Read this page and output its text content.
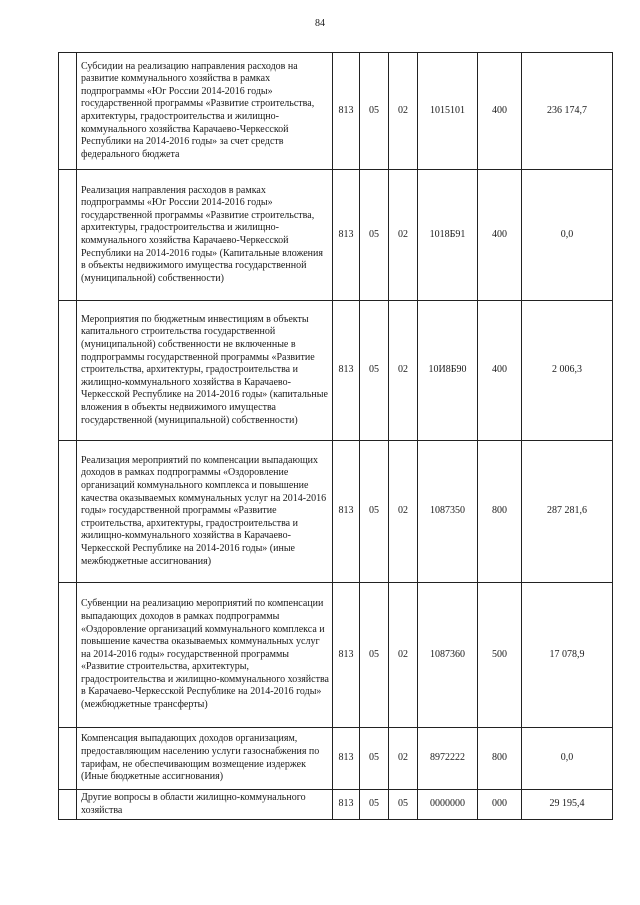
84
	Субсидии на реализацию направления расходов на развитие коммунального хозяйства в рамках подпрограммы «Юг России 2014-2016 годы» государственной программы «Развитие строительства, архитектуры, градостроительства и жилищно-коммунального хозяйства Карачаево-Черкесской Республики на 2014-2016 годы» за счет средств федерального бюджета	813	05	02	1015101	400	236 174,7
	Реализация направления расходов в рамках подпрограммы «Юг России 2014-2016 годы» государственной программы «Развитие строительства, архитектуры, градостроительства и жилищно-коммунального хозяйства Карачаево-Черкесской Республики на 2014-2016 годы» (Капитальные вложения в объекты недвижимого имущества государственной (муниципальной) собственности)	813	05	02	1018Б91	400	0,0
	Мероприятия по бюджетным инвестициям в объекты капитального строительства государственной (муниципальной) собственности не включенные в подпрограммы государственной программы «Развитие строительства, архитектуры, градостроительства и жилищно-коммунального хозяйства в Карачаево-Черкесской Республике на 2014-2016 годы» (капитальные вложения в объекты недвижимого имущества государственной (муниципальной) собственности)	813	05	02	10И8Б90	400	2 006,3
	Реализация мероприятий по компенсации выпадающих доходов в рамках подпрограммы «Оздоровление организаций коммунального комплекса и повышение качества оказываемых коммунальных услуг на 2014-2016 годы» государственной программы «Развитие строительства, архитектуры, градостроительства и жилищно-коммунального хозяйства в Карачаево-Черкесской Республике на 2014-2016 годы» (иные межбюджетные ассигнования)	813	05	02	1087350	800	287 281,6
	Субвенции на реализацию мероприятий по компенсации выпадающих доходов в рамках подпрограммы «Оздоровление организаций коммунального комплекса и повышение качества оказываемых коммунальных услуг на 2014-2016 годы» государственной программы «Развитие строительства, архитектуры, градостроительства и жилищно-коммунального хозяйства в Карачаево-Черкесской Республике на 2014-2016 годы» (межбюджетные трансферты)	813	05	02	1087360	500	17 078,9
	Компенсация выпадающих доходов организациям, предоставляющим населению услуги газоснабжения по тарифам, не обеспечивающим возмещение издержек (Иные бюджетные ассигнования)	813	05	02	8972222	800	0,0
	Другие вопросы в области жилищно-коммунального хозяйства	813	05	05	0000000	000	29 195,4
